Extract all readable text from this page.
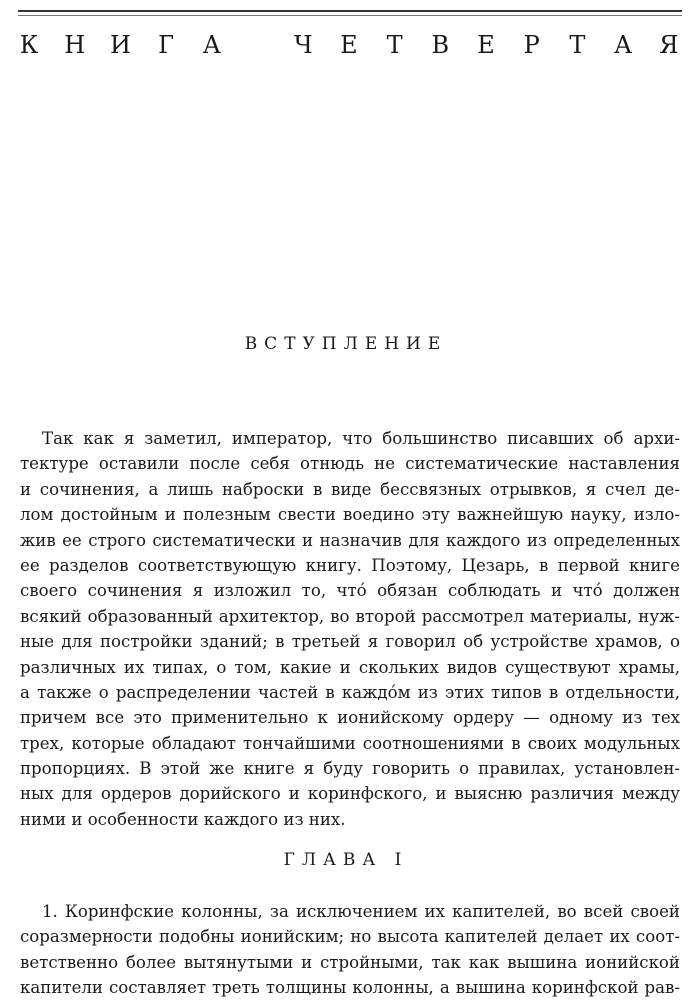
К Н И Г А	Ч Е Т В Е Р Т А Я
ВСТУПЛЕНИЕ
Так как я заметил, император, что большинство писавших об архи-
тектуре оставили после себя отнюдь не систематические наставления
и сочинения, а лишь наброски в виде бессвязных отрывков, я счел де-
лом достойным и полезным свести воедино эту важнейшую науку, изло-
жив ее строго систематически и назначив для каждого из определенных
ее разделов соответствующую книгу. Поэтому, Цезарь, в первой книге
своего сочинения я изложил то, что́ обязан соблюдать и что́ должен
всякий образованный архитектор, во второй рассмотрел материалы, нуж-
ные для постройки зданий; в третьей я говорил об устройстве храмов, о
различных их типах, о том, какие и скольких видов существуют храмы,
а также о распределении частей в каждо́м из этих типов в отдельности,
причем все это применительно к ионийскому ордеру — одному из тех
трех, которые обладают тончайшими соотношениями в своих модульных
пропорциях. В этой же книге я буду говорить о правилах, установлен-
ных для ордеров дорийского и коринфского, и выясню различия между
ними и особенности каждого из них.
ГЛАВА I
1. Коринфские колонны, за исключением их капителей, во всей своей
соразмерности подобны ионийским; но высота капителей делает их соот-
ветственно более вытянутыми и стройными, так как вышина ионийской
капители составляет треть толщины колонны, а вышина коринфской рав-
